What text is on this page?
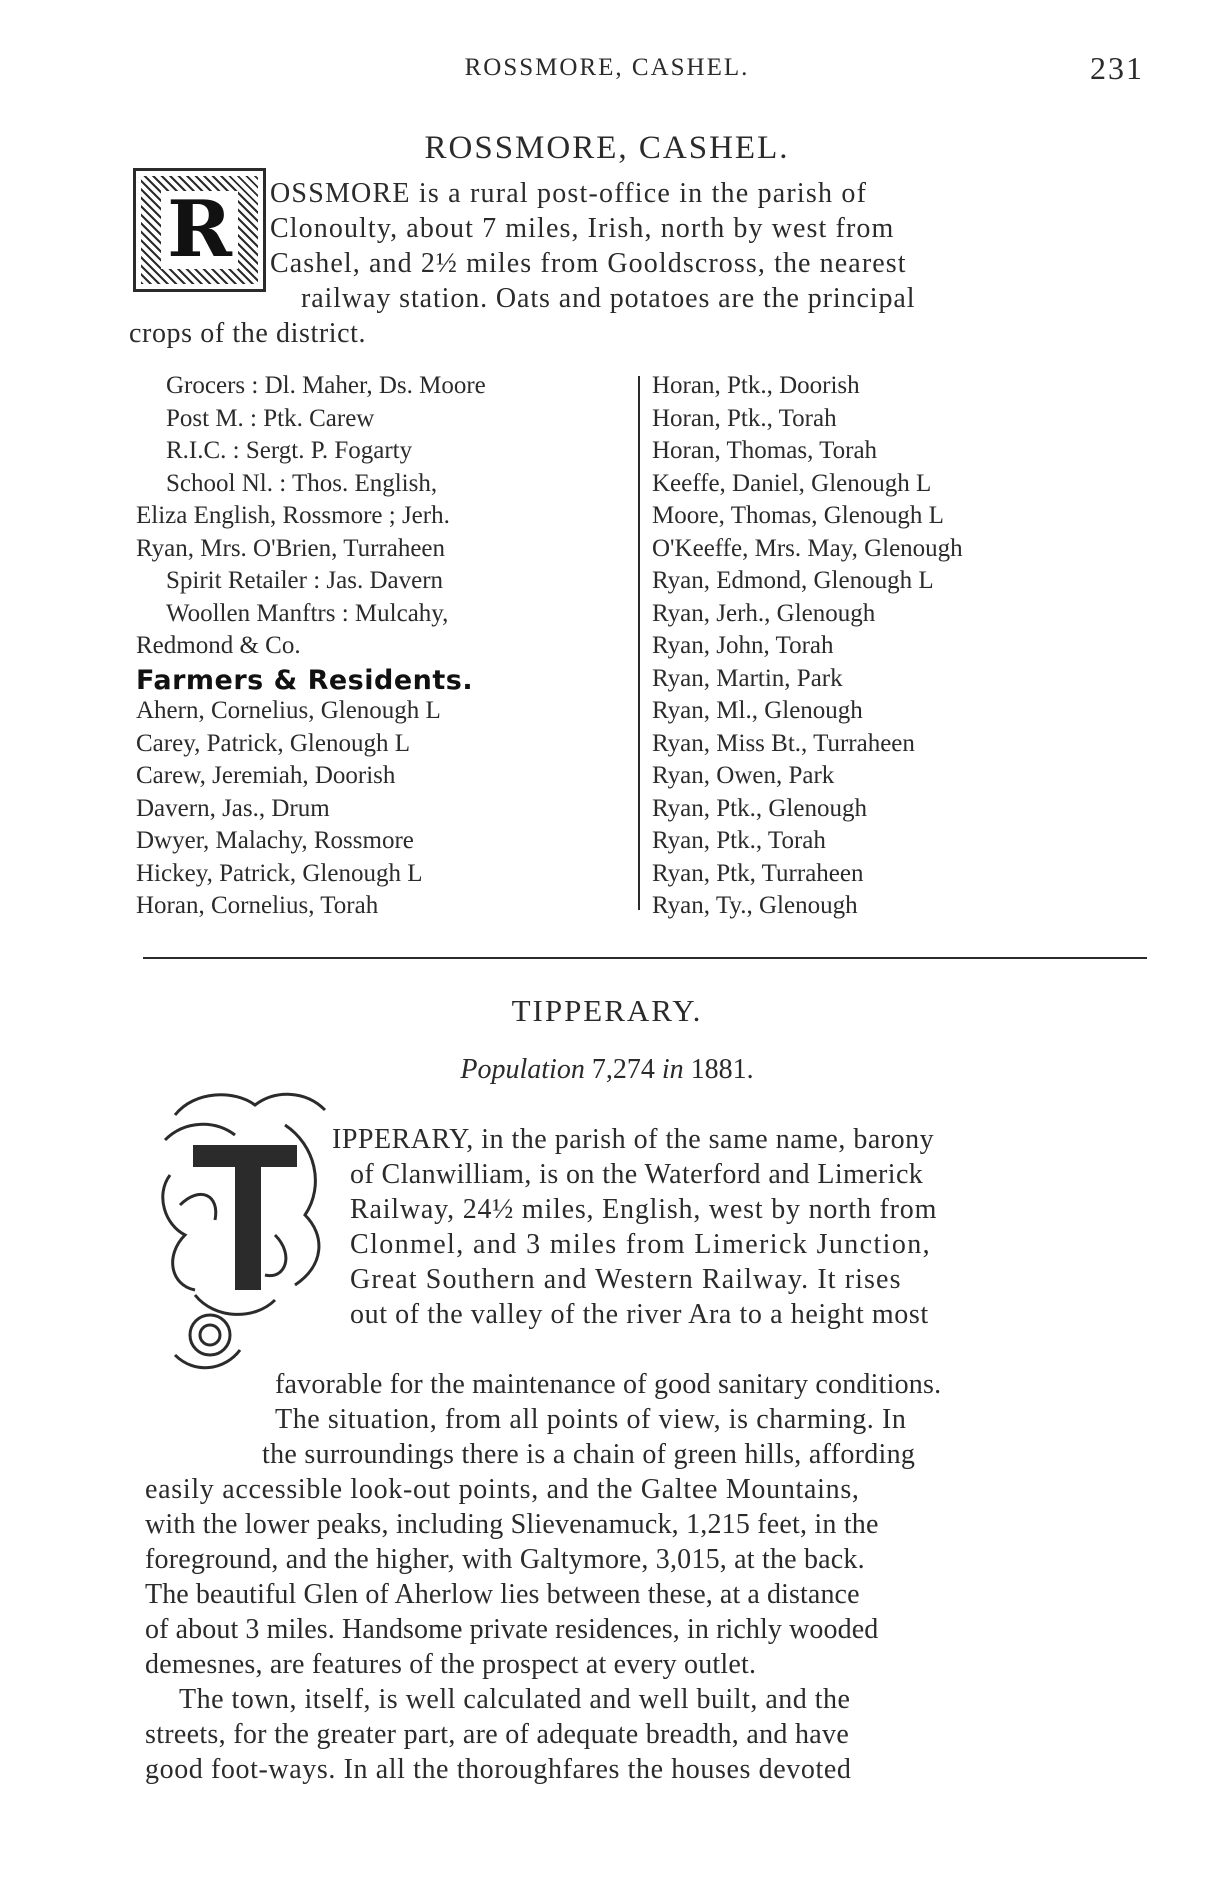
ROSSMORE, CASHEL.	231
ROSSMORE, CASHEL.
R OSSMORE is a rural post-office in the parish of
Clonoulty, about 7 miles, Irish, north by west from
Cashel, and 2½ miles from Gooldscross, the nearest
railway station. Oats and potatoes are the principal
crops of the district.
Grocers : Dl. Maher, Ds. Moore
Post M. : Ptk. Carew
R.I.C. : Sergt. P. Fogarty
School Nl. : Thos. English,
Eliza English, Rossmore ; Jerh.
Ryan, Mrs. O'Brien, Turraheen
Spirit Retailer : Jas. Davern
Woollen Manftrs : Mulcahy,
Redmond & Co.
Farmers & Residents.
Ahern, Cornelius, Glenough L
Carey, Patrick, Glenough L
Carew, Jeremiah, Doorish
Davern, Jas., Drum
Dwyer, Malachy, Rossmore
Hickey, Patrick, Glenough L
Horan, Cornelius, Torah
Horan, Ptk., Doorish
Horan, Ptk., Torah
Horan, Thomas, Torah
Keeffe, Daniel, Glenough L
Moore, Thomas, Glenough L
O'Keeffe, Mrs. May, Glenough
Ryan, Edmond, Glenough L
Ryan, Jerh., Glenough
Ryan, John, Torah
Ryan, Martin, Park
Ryan, Ml., Glenough
Ryan, Miss Bt., Turraheen
Ryan, Owen, Park
Ryan, Ptk., Glenough
Ryan, Ptk., Torah
Ryan, Ptk, Turraheen
Ryan, Ty., Glenough
TIPPERARY.
Population 7,274 in 1881.
IPPERARY, in the parish of the same name, barony
of Clanwilliam, is on the Waterford and Limerick
Railway, 24½ miles, English, west by north from
Clonmel, and 3 miles from Limerick Junction,
Great Southern and Western Railway. It rises
out of the valley of the river Ara to a height most
favorable for the maintenance of good sanitary conditions.
The situation, from all points of view, is charming. In
the surroundings there is a chain of green hills, affording
easily accessible look-out points, and the Galtee Mountains,
with the lower peaks, including Slievenamuck, 1,215 feet, in the
foreground, and the higher, with Galtymore, 3,015, at the back.
The beautiful Glen of Aherlow lies between these, at a distance
of about 3 miles. Handsome private residences, in richly wooded
demesnes, are features of the prospect at every outlet.
The town, itself, is well calculated and well built, and the
streets, for the greater part, are of adequate breadth, and have
good foot-ways. In all the thoroughfares the houses devoted
